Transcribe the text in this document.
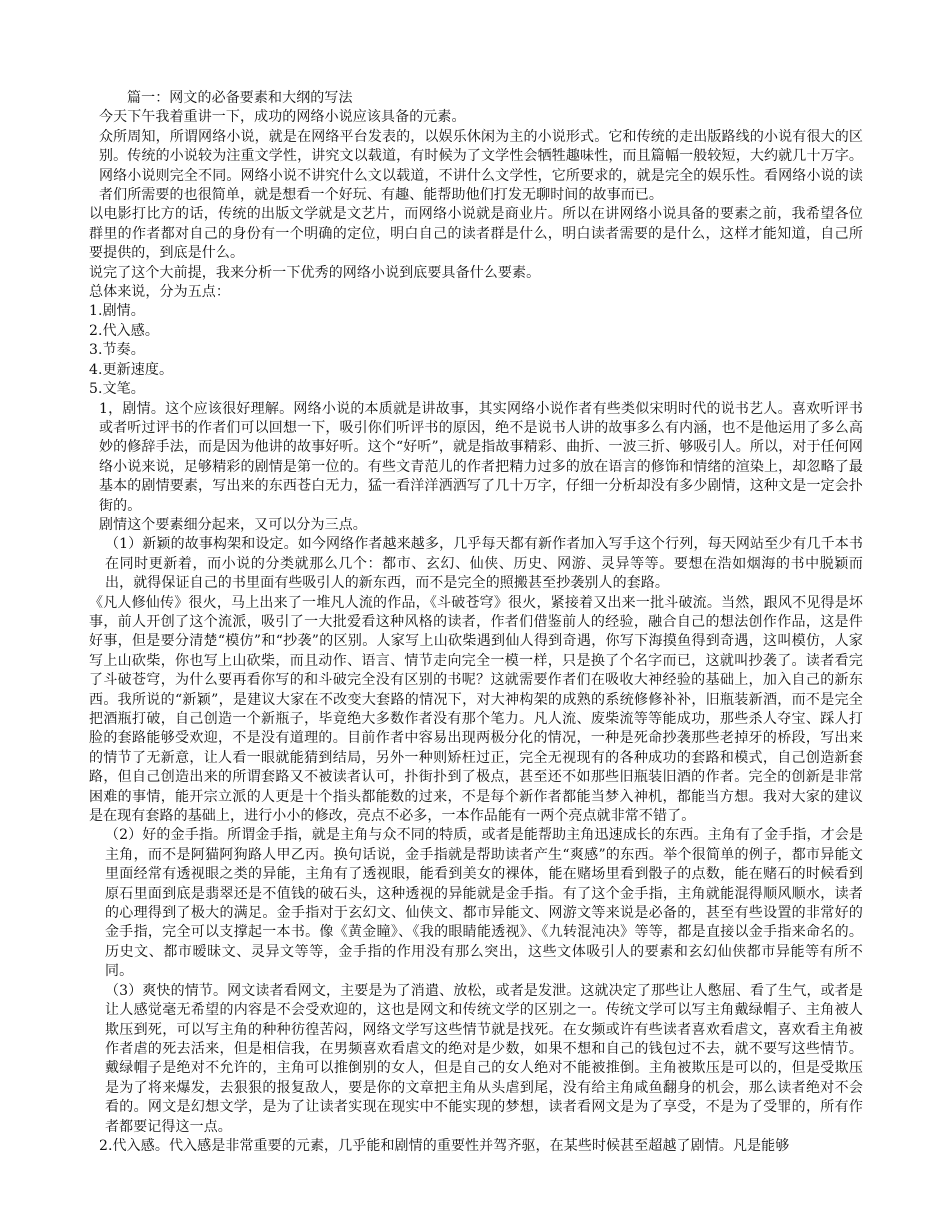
篇一：网文的必备要素和大纲的写法

今天下午我着重讲一下，成功的网络小说应该具备的元素。

众所周知，所谓网络小说，就是在网络平台发表的，以娱乐休闲为主的小说形式。它和传统的走出版路线的小说有很大的区别。传统的小说较为注重文学性，讲究文以载道，有时候为了文学性会牺牲趣味性，而且篇幅一般较短，大约就几十万字。网络小说则完全不同。网络小说不讲究什么文以载道，不讲什么文学性，它所要求的，就是完全的娱乐性。看网络小说的读者们所需要的也很简单，就是想看一个好玩、有趣、能帮助他们打发无聊时间的故事而已。

以电影打比方的话，传统的出版文学就是文艺片，而网络小说就是商业片。所以在讲网络小说具备的要素之前，我希望各位群里的作者都对自己的身份有一个明确的定位，明白自己的读者群是什么，明白读者需要的是什么，这样才能知道，自己所要提供的，到底是什么。

说完了这个大前提，我来分析一下优秀的网络小说到底要具备什么要素。

总体来说，分为五点：

1.剧情。

2.代入感。

3.节奏。

4.更新速度。

5.文笔。

1，剧情。这个应该很好理解。网络小说的本质就是讲故事，其实网络小说作者有些类似宋明时代的说书艺人。喜欢听评书或者听过评书的作者们可以回想一下，吸引你们听评书的原因，绝不是说书人讲的故事多么有内涵，也不是他运用了多么高妙的修辞手法，而是因为他讲的故事好听。这个“好听”，就是指故事精彩、曲折、一波三折、够吸引人。所以，对于任何网络小说来说，足够精彩的剧情是第一位的。有些文青范儿的作者把精力过多的放在语言的修饰和情绪的渲染上，却忽略了最基本的剧情要素，写出来的东西苍白无力，猛一看洋洋洒洒写了几十万字，仔细一分析却没有多少剧情，这种文是一定会扑街的。

剧情这个要素细分起来，又可以分为三点。

（1）新颖的故事构架和设定。如今网络作者越来越多，几乎每天都有新作者加入写手这个行列，每天网站至少有几千本书在同时更新着，而小说的分类就那么几个：都市、玄幻、仙侠、历史、网游、灵异等等。要想在浩如烟海的书中脱颖而出，就得保证自己的书里面有些吸引人的新东西，而不是完全的照搬甚至抄袭别人的套路。

《凡人修仙传》很火，马上出来了一堆凡人流的作品，《斗破苍穹》很火，紧接着又出来一批斗破流。当然，跟风不见得是坏事，前人开创了这个流派，吸引了一大批爱看这种风格的读者，作者们借鉴前人的经验，融合自己的想法创作作品，这是件好事，但是要分清楚“模仿”和“抄袭”的区别。人家写上山砍柴遇到仙人得到奇遇，你写下海摸鱼得到奇遇，这叫模仿，人家写上山砍柴，你也写上山砍柴，而且动作、语言、情节走向完全一模一样，只是换了个名字而已，这就叫抄袭了。读者看完了斗破苍穹，为什么要再看你写的和斗破完全没有区别的书呢？这就需要作者们在吸收大神经验的基础上，加入自己的新东西。我所说的“新颖”，是建议大家在不改变大套路的情况下，对大神构架的成熟的系统修修补补，旧瓶装新酒，而不是完全把酒瓶打破，自己创造一个新瓶子，毕竟绝大多数作者没有那个笔力。凡人流、废柴流等等能成功，那些杀人夺宝、踩人打脸的套路能够受欢迎，不是没有道理的。目前作者中容易出现两极分化的情况，一种是死命抄袭那些老掉牙的桥段，写出来的情节了无新意，让人看一眼就能猜到结局，另外一种则矫枉过正，完全无视现有的各种成功的套路和模式，自己创造新套路，但自己创造出来的所谓套路又不被读者认可，扑街扑到了极点，甚至还不如那些旧瓶装旧酒的作者。完全的创新是非常困难的事情，能开宗立派的人更是十个指头都能数的过来，不是每个新作者都能当梦入神机，都能当方想。我对大家的建议是在现有套路的基础上，进行小小的修改，亮点不必多，一本作品能有一两个亮点就非常不错了。

（2）好的金手指。所谓金手指，就是主角与众不同的特质，或者是能帮助主角迅速成长的东西。主角有了金手指，才会是主角，而不是阿猫阿狗路人甲乙丙。换句话说，金手指就是帮助读者产生“爽感”的东西。举个很简单的例子，都市异能文里面经常有透视眼之类的异能，主角有了透视眼，能看到美女的裸体，能在赌场里看到骰子的点数，能在赌石的时候看到原石里面到底是翡翠还是不值钱的破石头，这种透视的异能就是金手指。有了这个金手指，主角就能混得顺风顺水，读者的心理得到了极大的满足。金手指对于玄幻文、仙侠文、都市异能文、网游文等来说是必备的，甚至有些设置的非常好的金手指，完全可以支撑起一本书。像《黄金瞳》、《我的眼睛能透视》、《九转混沌决》等等，都是直接以金手指来命名的。历史文、都市暧昧文、灵异文等等，金手指的作用没有那么突出，这些文体吸引人的要素和玄幻仙侠都市异能等有所不同。

（3）爽快的情节。网文读者看网文，主要是为了消遣、放松，或者是发泄。这就决定了那些让人憋屈、看了生气，或者是让人感觉毫无希望的内容是不会受欢迎的，这也是网文和传统文学的区别之一。传统文学可以写主角戴绿帽子、主角被人欺压到死，可以写主角的种种彷徨苦闷，网络文学写这些情节就是找死。在女频或许有些读者喜欢看虐文，喜欢看主角被作者虐的死去活来，但是相信我，在男频喜欢看虐文的绝对是少数，如果不想和自己的钱包过不去，就不要写这些情节。戴绿帽子是绝对不允许的，主角可以推倒别的女人，但是自己的女人绝对不能被推倒。主角被欺压是可以的，但是受欺压是为了将来爆发，去狠狠的报复敌人，要是你的文章把主角从头虐到尾，没有给主角咸鱼翻身的机会，那么读者绝对不会看的。网文是幻想文学，是为了让读者实现在现实中不能实现的梦想，读者看网文是为了享受，不是为了受罪的，所有作者都要记得这一点。

2.代入感。代入感是非常重要的元素，几乎能和剧情的重要性并驾齐驱，在某些时候甚至超越了剧情。凡是能够
